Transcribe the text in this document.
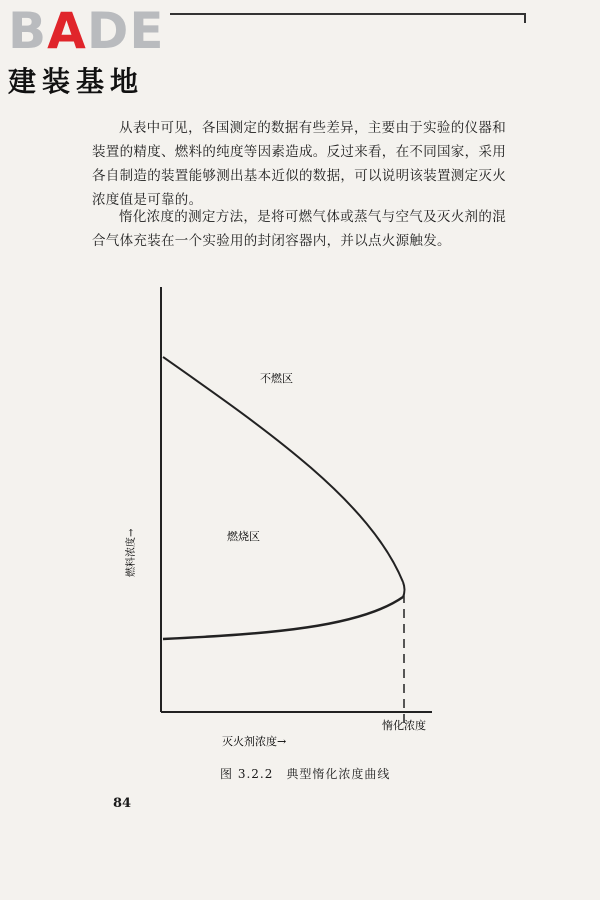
BADE
建装基地

从表中可见，各国测定的数据有些差异，主要由于实验的仪器和装置的精度、燃料的纯度等因素造成。反过来看，在不同国家，采用各自制造的装置能够测出基本近似的数据，可以说明该装置测定灭火浓度值是可靠的。

惰化浓度的测定方法，是将可燃气体或蒸气与空气及灭火剂的混合气体充装在一个实验用的封闭容器内，并以点火源触发。

不燃区
燃烧区
燃料浓度→
灭火剂浓度→
惰化浓度
图 3.2.2　典型惰化浓度曲线
84
